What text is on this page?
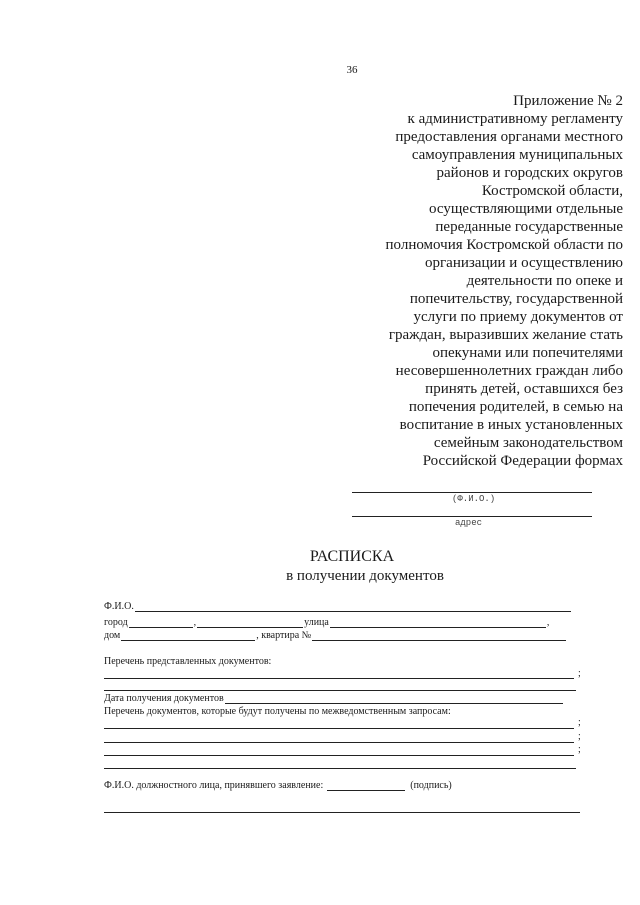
36
Приложение № 2
к административному регламенту
предоставления органами местного
самоуправления муниципальных
районов и городских округов
Костромской области,
осуществляющими отдельные
переданные государственные
полномочия Костромской области по
организации и осуществлению
деятельности по опеке и
попечительству, государственной
услуги по приему документов от
граждан, выразивших желание стать
опекунами или попечителями
несовершеннолетних граждан либо
принять детей, оставшихся без
попечения родителей, в семью на
воспитание в иных установленных
семейным законодательством
Российской Федерации формах
(Ф.И.О.)
адрес
РАСПИСКА
в получении документов
Ф.И.О.
город	,	улица	,
дом	, квартира №
Перечень представленных документов:
;
Дата получения документов
Перечень документов, которые будут получены по межведомственным запросам:
;
;
;
Ф.И.О. должностного лица, принявшего заявление:	(подпись)
